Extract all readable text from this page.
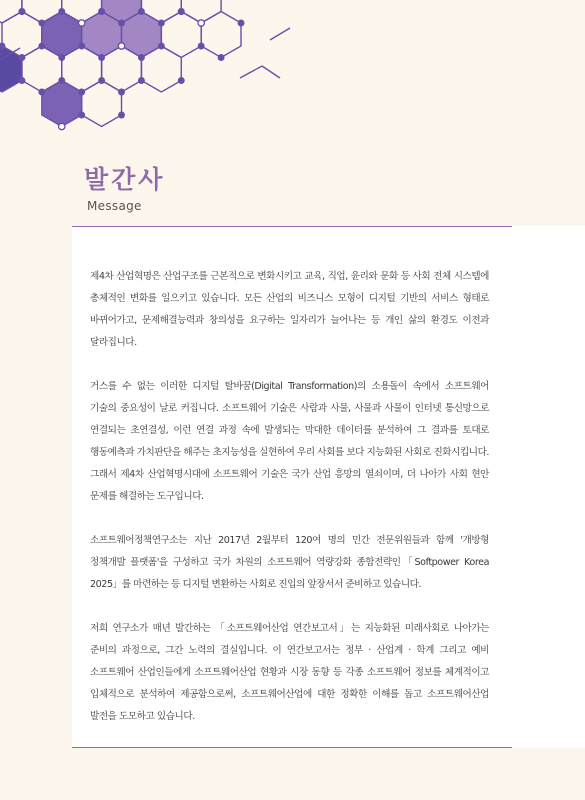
발간사
Message

제4차 산업혁명은 산업구조를 근본적으로 변화시키고 교육, 직업, 윤리와 문화 등 사회 전체 시스템에 총체적인 변화를 일으키고 있습니다. 모든 산업의 비즈니스 모형이 디지털 기반의 서비스 형태로 바뀌어가고, 문제해결능력과 창의성을 요구하는 일자리가 늘어나는 등 개인 삶의 환경도 이전과 달라집니다.

거스를 수 없는 이러한 디지털 탈바꿈(Digital Transformation)의 소용돌이 속에서 소프트웨어 기술의 중요성이 날로 커집니다. 소프트웨어 기술은 사람과 사물, 사물과 사물이 인터넷 통신망으로 연결되는 초연결성, 이런 연결 과정 속에 발생되는 막대한 데이터를 분석하여 그 결과를 토대로 행동예측과 가치판단을 해주는 초지능성을 실현하여 우리 사회를 보다 지능화된 사회로 진화시킵니다. 그래서 제4차 산업혁명시대에 소프트웨어 기술은 국가 산업 흥망의 열쇠이며, 더 나아가 사회 현안 문제를 해결하는 도구입니다.

소프트웨어정책연구소는 지난 2017년 2월부터 120여 명의 민간 전문위원들과 함께 '개방형 정책개발 플랫폼'을 구성하고 국가 차원의 소프트웨어 역량강화 종합전략인「Softpower Korea 2025」를 마련하는 등 디지털 변환하는 사회로 진입의 앞장서서 준비하고 있습니다.

저희 연구소가 매년 발간하는 「소프트웨어산업 연간보고서」는 지능화된 미래사회로 나아가는 준비의 과정으로, 그간 노력의 결실입니다. 이 연간보고서는 정부 · 산업계 · 학계 그리고 예비 소프트웨어 산업인들에게 소프트웨어산업 현황과 시장 동향 등 각종 소프트웨어 정보를 체계적이고 입체적으로 분석하여 제공함으로써, 소프트웨어산업에 대한 정확한 이해를 돕고 소프트웨어산업 발전을 도모하고 있습니다.
